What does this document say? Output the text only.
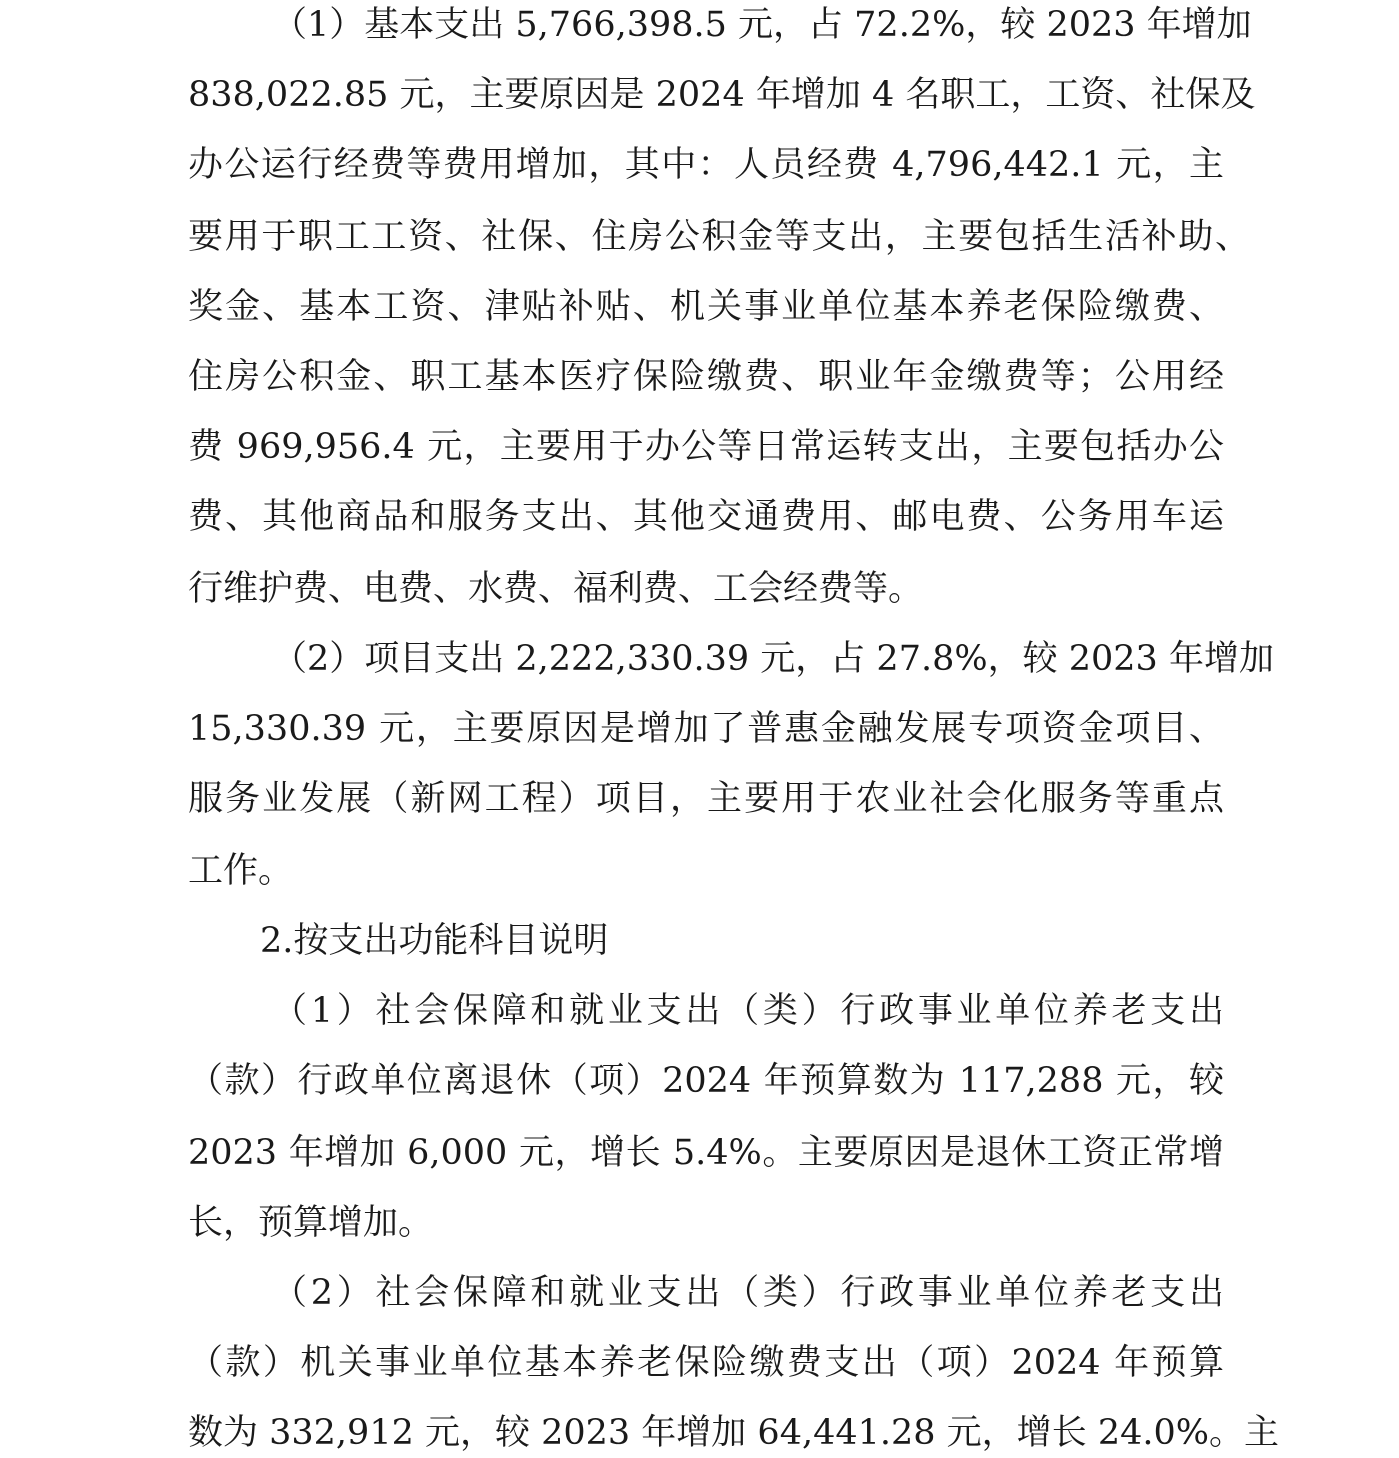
（1）基本支出 5,766,398.5 元，占 72.2%，较 2023 年增加
838,022.85 元，主要原因是 2024 年增加 4 名职工，工资、社保及
办公运行经费等费用增加，其中：人员经费 4,796,442.1 元，主
要用于职工工资、社保、住房公积金等支出，主要包括生活补助、
奖金、基本工资、津贴补贴、机关事业单位基本养老保险缴费、
住房公积金、职工基本医疗保险缴费、职业年金缴费等；公用经
费 969,956.4 元，主要用于办公等日常运转支出，主要包括办公
费、其他商品和服务支出、其他交通费用、邮电费、公务用车运
行维护费、电费、水费、福利费、工会经费等。
（2）项目支出 2,222,330.39 元，占 27.8%，较 2023 年增加
15,330.39 元，主要原因是增加了普惠金融发展专项资金项目、
服务业发展（新网工程）项目，主要用于农业社会化服务等重点
工作。
2.按支出功能科目说明
（1）社会保障和就业支出（类）行政事业单位养老支出
（款）行政单位离退休（项）2024 年预算数为 117,288 元，较
2023 年增加 6,000 元，增长 5.4%。主要原因是退休工资正常增
长，预算增加。
（2）社会保障和就业支出（类）行政事业单位养老支出
（款）机关事业单位基本养老保险缴费支出（项）2024 年预算
数为 332,912 元，较 2023 年增加 64,441.28 元，增长 24.0%。主
